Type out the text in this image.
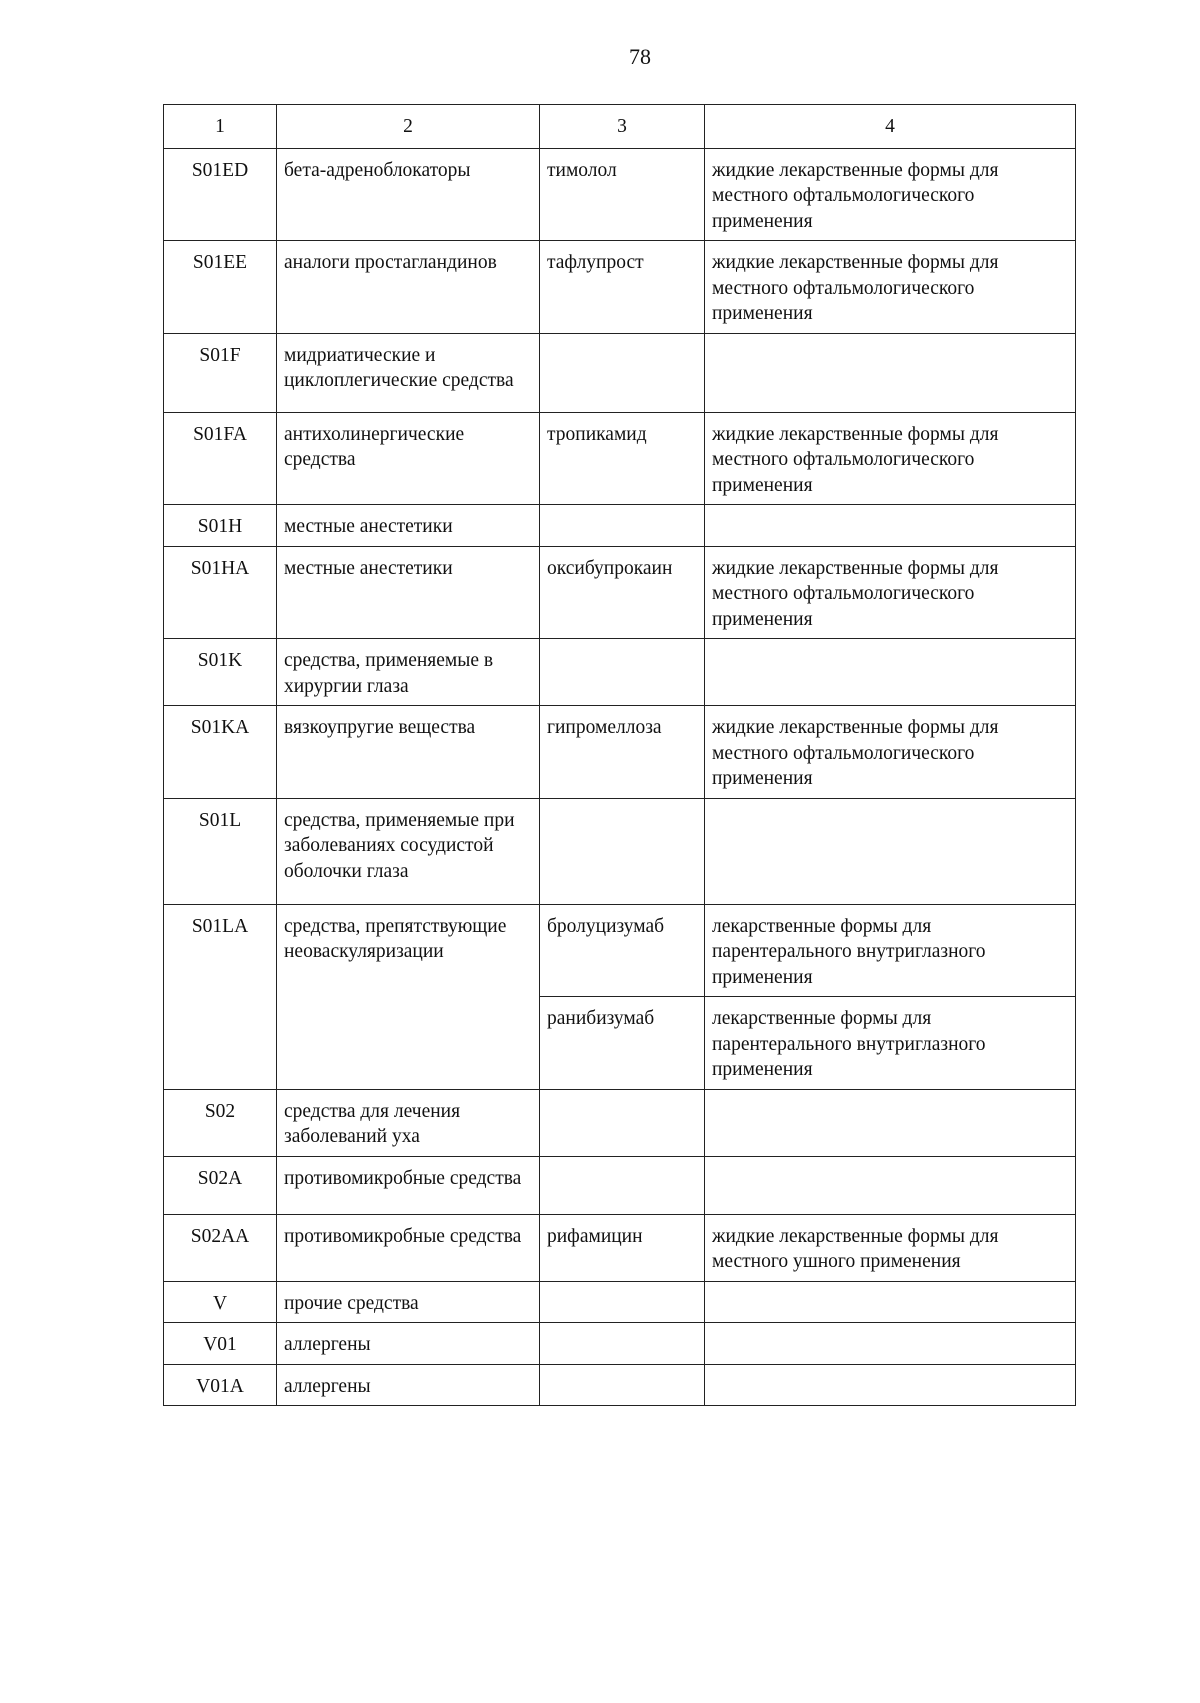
78
1	2	3	4
S01ED	бета-адреноблокаторы	тимолол	жидкие лекарственные формы для местного офтальмологического применения
S01EE	аналоги простагландинов	тафлупрост	жидкие лекарственные формы для местного офтальмологического применения
S01F	мидриатические и циклоплегические средства		
S01FA	антихолинергические средства	тропикамид	жидкие лекарственные формы для местного офтальмологического применения
S01H	местные анестетики		
S01HA	местные анестетики	оксибупрокаин	жидкие лекарственные формы для местного офтальмологического применения
S01K	средства, применяемые в хирургии глаза		
S01KA	вязкоупругие вещества	гипромеллоза	жидкие лекарственные формы для местного офтальмологического применения
S01L	средства, применяемые при заболеваниях сосудистой оболочки глаза		
S01LA	средства, препятствующие неоваскуляризации	бролуцизумаб	лекарственные формы для парентерального внутриглазного применения
		ранибизумаб	лекарственные формы для парентерального внутриглазного применения
S02	средства для лечения заболеваний уха		
S02A	противомикробные средства		
S02AA	противомикробные средства	рифамицин	жидкие лекарственные формы для местного ушного применения
V	прочие средства		
V01	аллергены		
V01A	аллергены		
